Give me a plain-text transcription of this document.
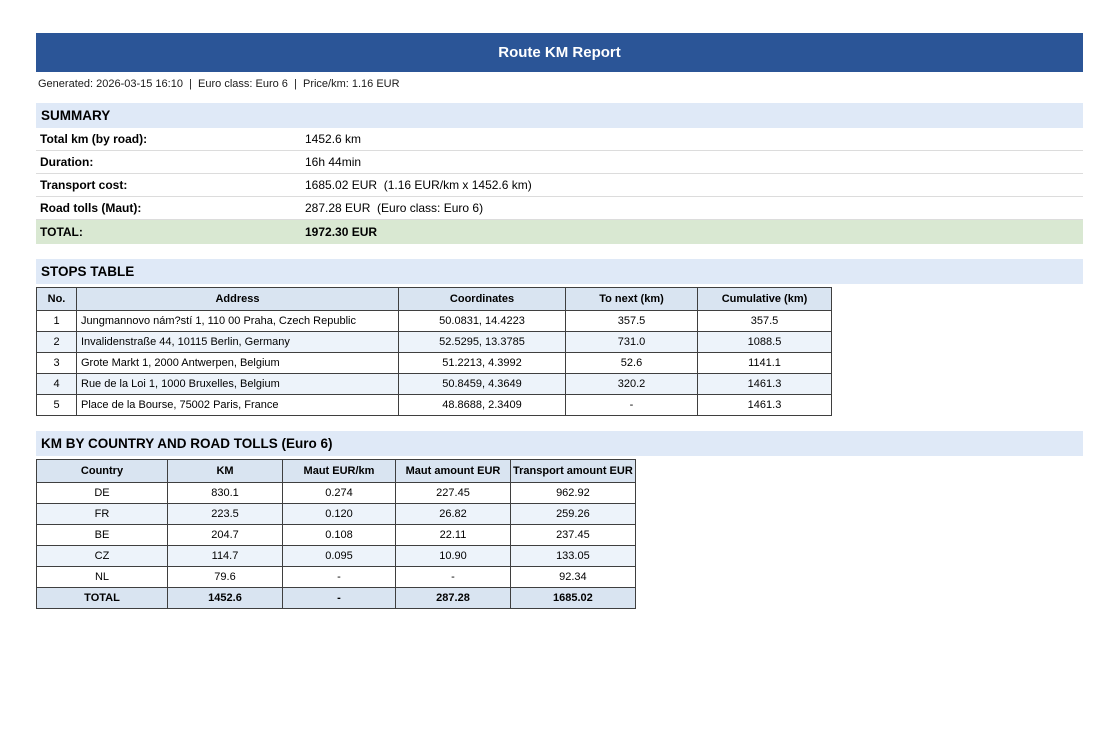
Route KM Report
Generated: 2026-03-15 16:10  |  Euro class: Euro 6  |  Price/km: 1.16 EUR
SUMMARY
Total km (by road):	1452.6 km
Duration:	16h 44min
Transport cost:	1685.02 EUR  (1.16 EUR/km x 1452.6 km)
Road tolls (Maut):	287.28 EUR  (Euro class: Euro 6)
TOTAL:	1972.30 EUR
STOPS TABLE
No.	Address	Coordinates	To next (km)	Cumulative (km)
1	Jungmannovo nám?stí 1, 110 00 Praha, Czech Republic	50.0831, 14.4223	357.5	357.5
2	Invalidenstraße 44, 10115 Berlin, Germany	52.5295, 13.3785	731.0	1088.5
3	Grote Markt 1, 2000 Antwerpen, Belgium	51.2213, 4.3992	52.6	1141.1
4	Rue de la Loi 1, 1000 Bruxelles, Belgium	50.8459, 4.3649	320.2	1461.3
5	Place de la Bourse, 75002 Paris, France	48.8688, 2.3409	-	1461.3
KM BY COUNTRY AND ROAD TOLLS (Euro 6)
Country	KM	Maut EUR/km	Maut amount EUR	Transport amount EUR
DE	830.1	0.274	227.45	962.92
FR	223.5	0.120	26.82	259.26
BE	204.7	0.108	22.11	237.45
CZ	114.7	0.095	10.90	133.05
NL	79.6	-	-	92.34
TOTAL	1452.6	-	287.28	1685.02
